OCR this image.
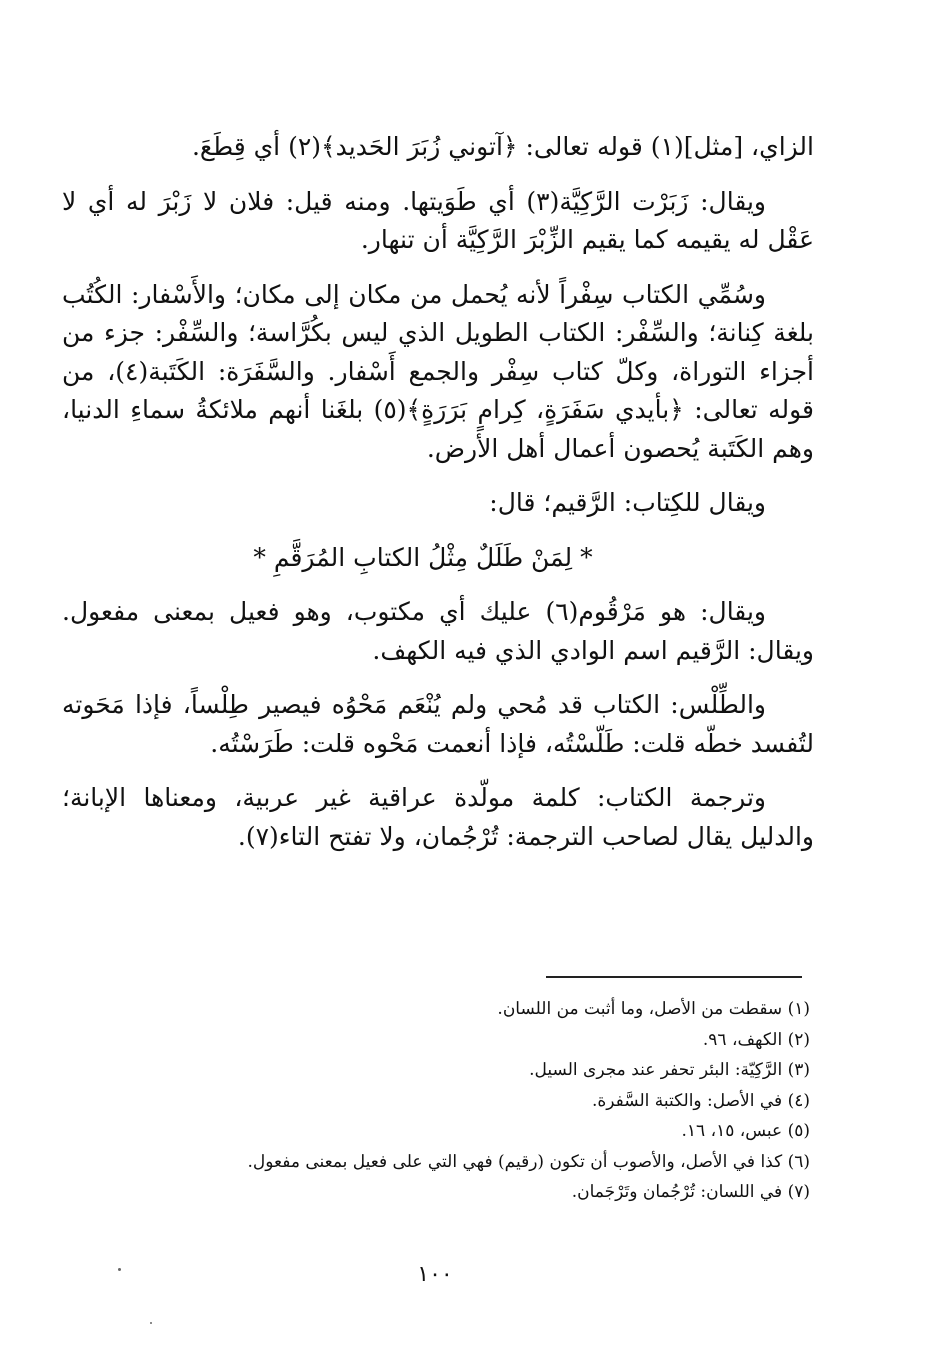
الزاي، [مثل](١) قوله تعالى: ﴿آتوني زُبَرَ الحَديد﴾(٢) أي قِطَعَ.

ويقال: زَبَرْت الرَّكِيَّة(٣) أي طَوَيتها. ومنه قيل: فلان لا زَبْرَ له أي لا عَقْل له يقيمه كما يقيم الزِّبْرَ الرَّكِيَّة أن تنهار.

وسُمِّي الكتاب سِفْراً لأنه يُحمل من مكان إلى مكان؛ والأَسْفار: الكُتُب بلغة كِنانة؛ والسِّفْر: الكتاب الطويل الذي ليس بكُرَّاسة؛ والسِّفْر: جزء من أجزاء التوراة، وكلّ كتاب سِفْر والجمع أَسْفار. والسَّفَرَة: الكَتَبة(٤)، من قوله تعالى: ﴿بأيدي سَفَرَةٍ، كِرامٍ بَرَرَةٍ﴾(٥) بلغَنا أنهم ملائكةُ سماءِ الدنيا، وهم الكَتَبة يُحصون أعمال أهل الأرض.

ويقال للكِتاب: الرَّقيم؛ قال:

* لِمَنْ طَلَلٌ مِثْلُ الكتابِ المُرَقَّمِ *

ويقال: هو مَرْقُوم(٦) عليك أي مكتوب، وهو فعيل بمعنى مفعول. ويقال: الرَّقيم اسم الوادي الذي فيه الكهف.

والطِّلْس: الكتاب قد مُحي ولم يُنْعَم مَحْوُه فيصير طِلْساً، فإذا مَحَوته لتُفسد خطّه قلت: طَلّسْتُه، فإذا أنعمت مَحْوه قلت: طَرَسْتُه.

وترجمة الكتاب: كلمة مولّدة عراقية غير عربية، ومعناها الإبانة؛ والدليل يقال لصاحب الترجمة: تُرْجُمان، ولا تفتح التاء(٧).

(١) سقطت من الأصل، وما أثبت من اللسان.
(٢) الكهف، ٩٦.
(٣) الرَّكِيّة: البئر تحفر عند مجرى السيل.
(٤) في الأصل: والكتبة السَّفرة.
(٥) عبس، ١٥، ١٦.
(٦) كذا في الأصل، والأصوب أن تكون (رقيم) فهي التي على فعيل بمعنى مفعول.
(٧) في اللسان: تُرْجُمان وتَرْجَمان.
١٠٠
